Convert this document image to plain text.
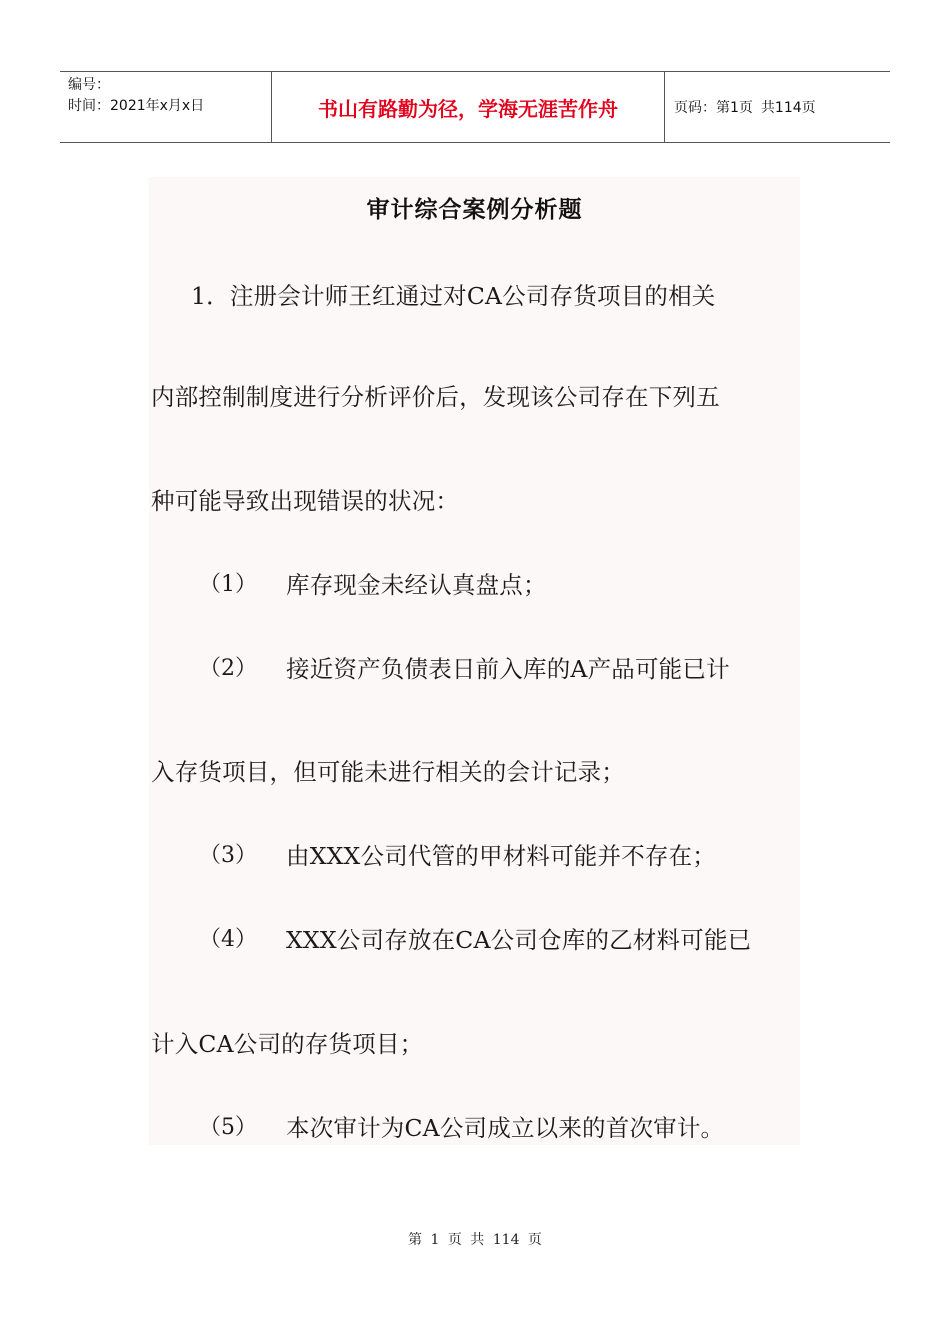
编号：
时间：2021年x月x日	书山有路勤为径，学海无涯苦作舟	页码：第1页 共114页
审计综合案例分析题
1．注册会计师王红通过对CA公司存货项目的相关
内部控制制度进行分析评价后，发现该公司存在下列五
种可能导致出现错误的状况：
（1） 库存现金未经认真盘点；
（2） 接近资产负债表日前入库的A产品可能已计
入存货项目，但可能未进行相关的会计记录；
（3） 由XXX公司代管的甲材料可能并不存在；
（4） XXX公司存放在CA公司仓库的乙材料可能已
计入CA公司的存货项目；
（5） 本次审计为CA公司成立以来的首次审计。
第 1 页 共 114 页
